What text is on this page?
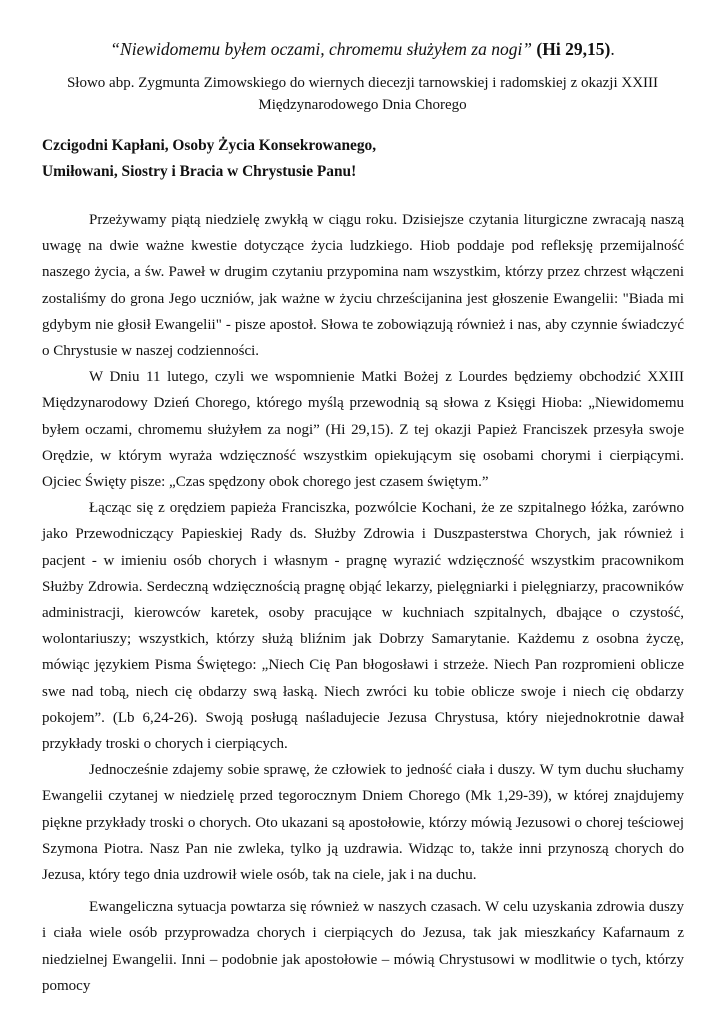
“Niewidomemu byłem oczami, chromemu służyłem za nogi” (Hi 29,15).
Słowo abp. Zygmunta Zimowskiego do wiernych diecezji tarnowskiej i radomskiej z okazji XXIII Międzynarodowego Dnia Chorego
Czcigodni Kapłani, Osoby Życia Konsekrowanego,
Umiłowani, Siostry i Bracia w Chrystusie Panu!

Przeżywamy piątą niedzielę zwykłą w ciągu roku. Dzisiejsze czytania liturgiczne zwracają naszą uwagę na dwie ważne kwestie dotyczące życia ludzkiego. Hiob poddaje pod refleksję przemijalność naszego życia, a św. Paweł w drugim czytaniu przypomina nam wszystkim, którzy przez chrzest włączeni zostaliśmy do grona Jego uczniów, jak ważne w życiu chrześcijanina jest głoszenie Ewangelii: "Biada mi gdybym nie głosił Ewangelii" - pisze apostoł. Słowa te zobowiązują również i nas, aby czynnie świadczyć o Chrystusie w naszej codzienności.

W Dniu 11 lutego, czyli we wspomnienie Matki Bożej z Lourdes będziemy obchodzić XXIII Międzynarodowy Dzień Chorego, którego myślą przewodnią są słowa z Księgi Hioba: „Niewidomemu byłem oczami, chromemu służyłem za nogi” (Hi 29,15). Z tej okazji Papież Franciszek przesyła swoje Orędzie, w którym wyraża wdzięczność wszystkim opiekującym się osobami chorymi i cierpiącymi. Ojciec Święty pisze: „Czas spędzony obok chorego jest czasem świętym.”

Łącząc się z orędziem papieża Franciszka, pozwólcie Kochani, że ze szpitalnego łóżka, zarówno jako Przewodniczący Papieskiej Rady ds. Służby Zdrowia i Duszpasterstwa Chorych, jak również i pacjent - w imieniu osób chorych i własnym - pragnę wyrazić wdzięczność wszystkim pracownikom Służby Zdrowia. Serdeczną wdzięcznością pragnę objąć lekarzy, pielęgniarki i pielęgniarzy, pracowników administracji, kierowców karetek, osoby pracujące w kuchniach szpitalnych, dbające o czystość, wolontariuszy; wszystkich, którzy służą bliźnim jak Dobrzy Samarytanie. Każdemu z osobna życzę, mówiąc językiem Pisma Świętego: „Niech Cię Pan błogosławi i strzeże. Niech Pan rozpromieni oblicze swe nad tobą, niech cię obdarzy swą łaską. Niech zwróci ku tobie oblicze swoje i niech cię obdarzy pokojem”. (Lb 6,24-26). Swoją posługą naśladujecie Jezusa Chrystusa, który niejednokrotnie dawał przykłady troski o chorych i cierpiących.

Jednocześnie zdajemy sobie sprawę, że człowiek to jedność ciała i duszy. W tym duchu słuchamy Ewangelii czytanej w niedzielę przed tegorocznym Dniem Chorego (Mk 1,29-39), w której znajdujemy piękne przykłady troski o chorych. Oto ukazani są apostołowie, którzy mówią Jezusowi o chorej teściowej Szymona Piotra. Nasz Pan nie zwleka, tylko ją uzdrawia. Widząc to, także inni przynoszą chorych do Jezusa, który tego dnia uzdrowił wiele osób, tak na ciele, jak i na duchu.

Ewangeliczna sytuacja powtarza się również w naszych czasach. W celu uzyskania zdrowia duszy i ciała wiele osób przyprowadza chorych i cierpiących do Jezusa, tak jak mieszkańcy Kafarnaum z niedzielnej Ewangelii. Inni – podobnie jak apostołowie – mówią Chrystusowi w modlitwie o tych, którzy pomocy
